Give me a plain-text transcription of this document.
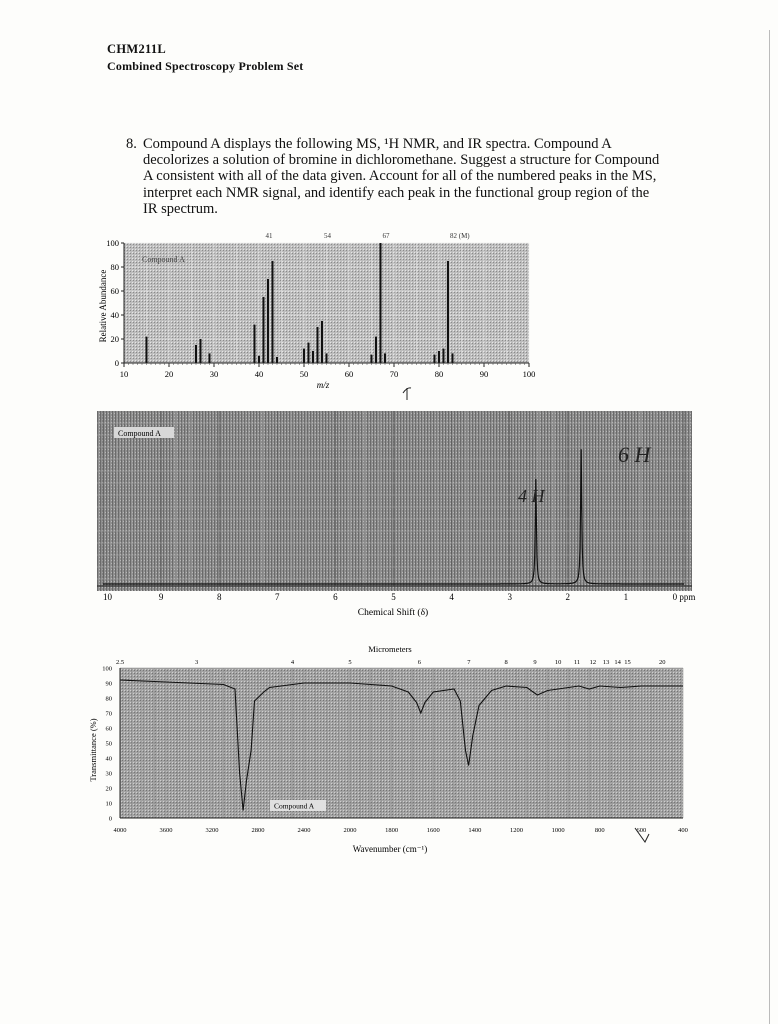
CHM211L
Combined Spectroscopy Problem Set
8. Compound A displays the following MS, ¹H NMR, and IR spectra. Compound A decolorizes a solution of bromine in dichloromethane. Suggest a structure for Compound A consistent with all of the data given. Account for all of the numbered peaks in the MS, interpret each NMR signal, and identify each peak in the functional group region of the IR spectrum.
41	54	67	82 (M)
10	20	30	40	50	60	70	80	90	100
0
20
40
60
80
100
Compound A
m/z
Relative Abundance
Compound A
10	9	8	7	6	5	4	3	2	1	0 ppm
Chemical Shift (δ)
6 H
4 H
Micrometers
2.5	3	4	5	6	7	8	9	10 11 12 13 14 15	20
4000	3600	3200	2800	2400	2000	1800	1600	1400	1200	1000	800	600	400
0
10
20
30
40
50
60
70
80
90
100
Compound A
Wavenumber (cm⁻¹)
Transmittance (%)
